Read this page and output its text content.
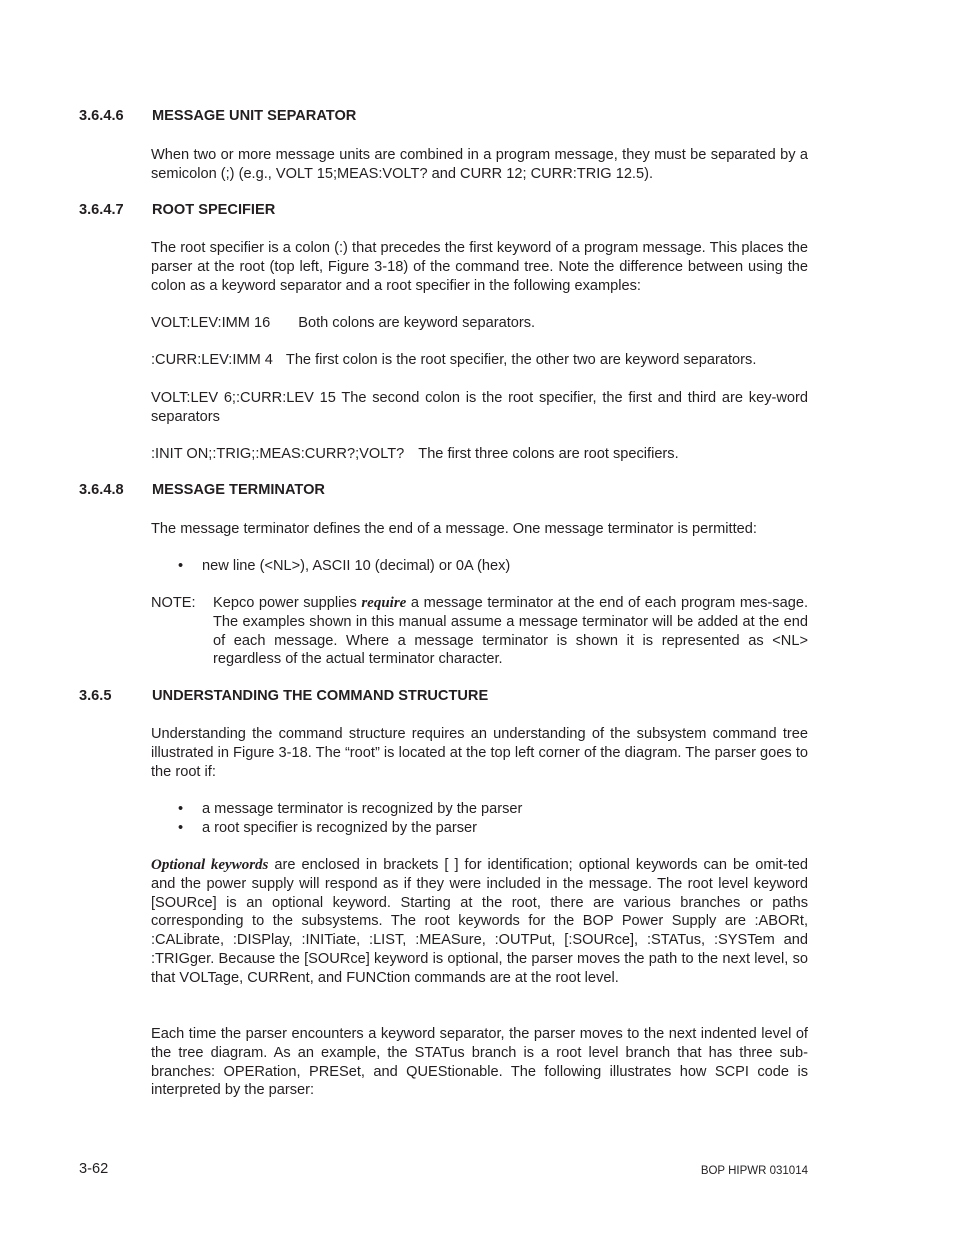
3.6.4.6 MESSAGE UNIT SEPARATOR
When two or more message units are combined in a program message, they must be separated by a semicolon (;) (e.g., VOLT 15;MEAS:VOLT? and CURR 12; CURR:TRIG 12.5).
3.6.4.7 ROOT SPECIFIER
The root specifier is a colon (:) that precedes the first keyword of a program message. This places the parser at the root (top left, Figure 3-18) of the command tree. Note the difference between using the colon as a keyword separator and a root specifier in the following examples:
VOLT:LEV:IMM 16 Both colons are keyword separators.
:CURR:LEV:IMM 4 The first colon is the root specifier, the other two are keyword separators.
VOLT:LEV 6;:CURR:LEV 15 The second colon is the root specifier, the first and third are key-word separators
:INIT ON;:TRIG;:MEAS:CURR?;VOLT? The first three colons are root specifiers.
3.6.4.8 MESSAGE TERMINATOR
The message terminator defines the end of a message. One message terminator is permitted:
• new line (<NL>), ASCII 10 (decimal) or 0A (hex)
NOTE: Kepco power supplies require a message terminator at the end of each program mes-sage. The examples shown in this manual assume a message terminator will be added at the end of each message. Where a message terminator is shown it is represented as <NL> regardless of the actual terminator character.
3.6.5	UNDERSTANDING THE COMMAND STRUCTURE
Understanding the command structure requires an understanding of the subsystem command tree illustrated in Figure 3-18. The “root” is located at the top left corner of the diagram. The parser goes to the root if:
• a message terminator is recognized by the parser
• a root specifier is recognized by the parser
Optional keywords are enclosed in brackets [ ] for identification; optional keywords can be omit-ted and the power supply will respond as if they were included in the message. The root level keyword [SOURce] is an optional keyword. Starting at the root, there are various branches or paths corresponding to the subsystems. The root keywords for the BOP Power Supply are :ABORt, :CALibrate, :DISPlay, :INITiate, :LIST, :MEASure, :OUTPut, [:SOURce], :STATus, :SYSTem and :TRIGger. Because the [SOURce] keyword is optional, the parser moves the path to the next level, so that VOLTage, CURRent, and FUNCtion commands are at the root level.
Each time the parser encounters a keyword separator, the parser moves to the next indented level of the tree diagram. As an example, the STATus branch is a root level branch that has three sub-branches: OPERation, PRESet, and QUEStionable. The following illustrates how SCPI code is interpreted by the parser:
3-62	BOP HIPWR 031014
